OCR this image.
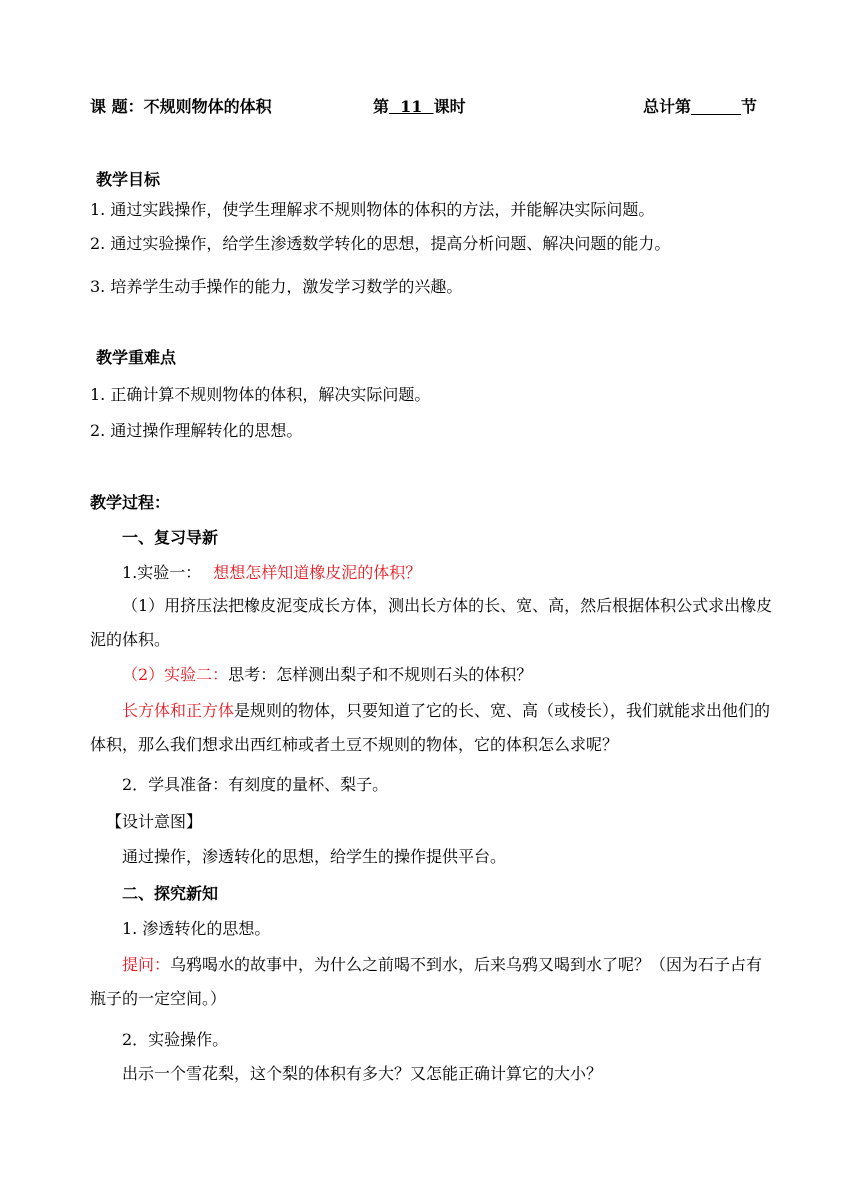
课 题：不规则物体的体积	第  11  课时	总计第	节
教学目标
1. 通过实践操作，使学生理解求不规则物体的体积的方法，并能解决实际问题。
2. 通过实验操作，给学生渗透数学转化的思想，提高分析问题、解决问题的能力。
3. 培养学生动手操作的能力，激发学习数学的兴趣。
教学重难点
1. 正确计算不规则物体的体积，解决实际问题。
2. 通过操作理解转化的思想。
教学过程：
一、复习导新
1.实验一： 想想怎样知道橡皮泥的体积？
（1）用挤压法把橡皮泥变成长方体，测出长方体的长、宽、高，然后根据体积公式求出橡皮泥的体积。
（2）实验二：思考：怎样测出梨子和不规则石头的体积？
长方体和正方体是规则的物体，只要知道了它的长、宽、高（或棱长），我们就能求出他们的体积，那么我们想求出西红柿或者土豆不规则的物体，它的体积怎么求呢？
2．学具准备：有刻度的量杯、梨子。
【设计意图】
通过操作，渗透转化的思想，给学生的操作提供平台。
二、探究新知
1. 渗透转化的思想。
提问：乌鸦喝水的故事中，为什么之前喝不到水，后来乌鸦又喝到水了呢？（因为石子占有瓶子的一定空间。）
2．实验操作。
出示一个雪花梨，这个梨的体积有多大？又怎能正确计算它的大小？
